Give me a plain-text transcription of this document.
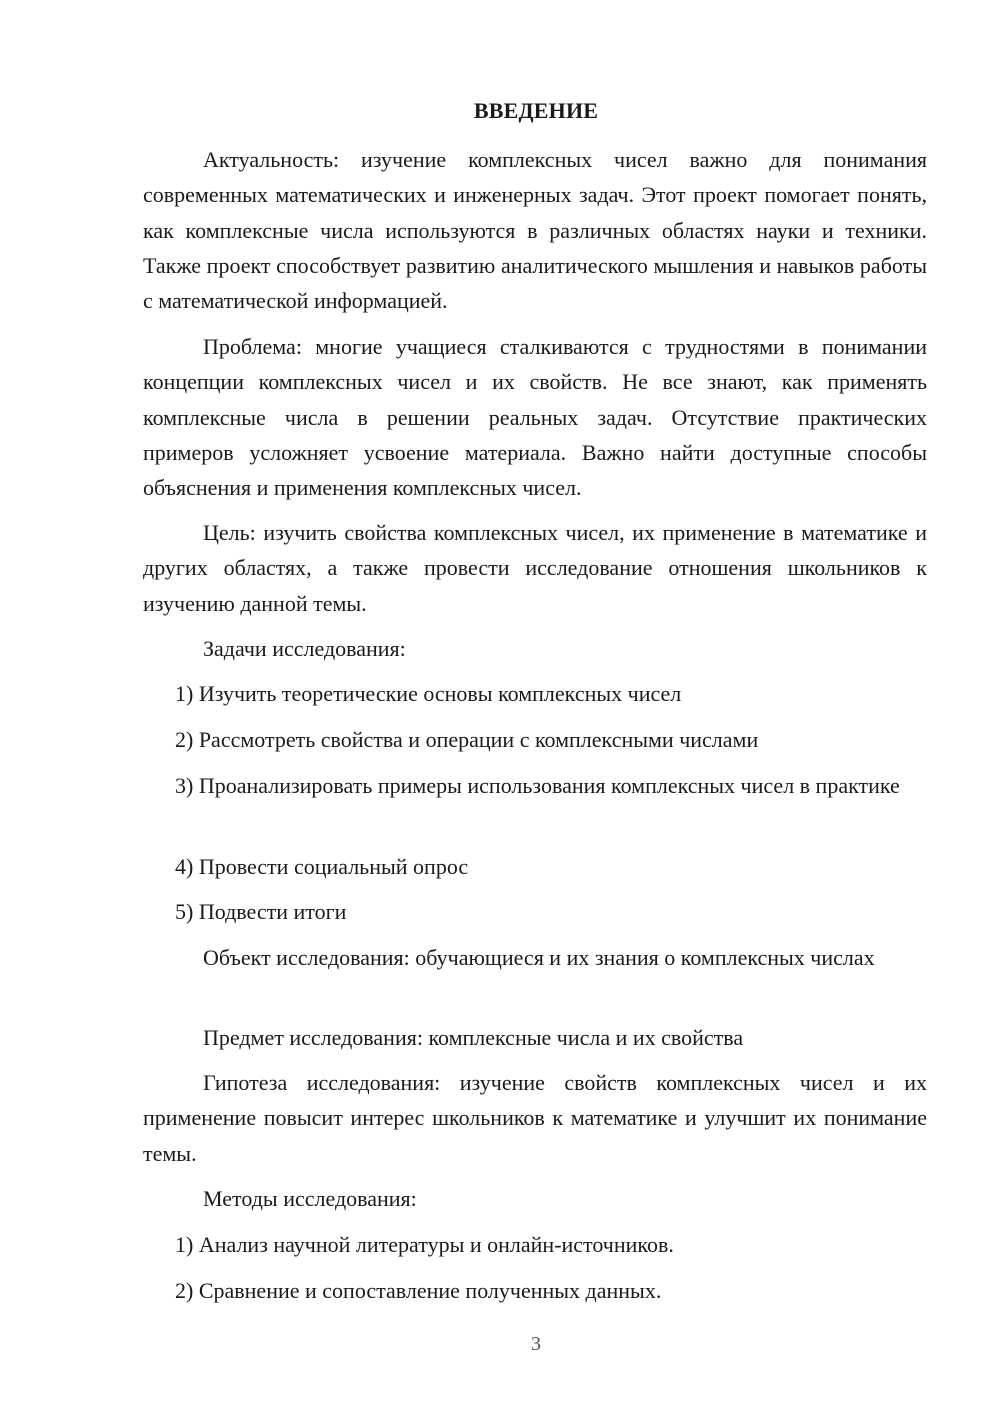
ВВЕДЕНИЕ
Актуальность: изучение комплексных чисел важно для понимания современных математических и инженерных задач. Этот проект помогает понять, как комплексные числа используются в различных областях науки и техники. Также проект способствует развитию аналитического мышления и навыков работы с математической информацией.
Проблема: многие учащиеся сталкиваются с трудностями в понимании концепции комплексных чисел и их свойств. Не все знают, как применять комплексные числа в решении реальных задач. Отсутствие практических примеров усложняет усвоение материала. Важно найти доступные способы объяснения и применения комплексных чисел.
Цель: изучить свойства комплексных чисел, их применение в математике и других областях, а также провести исследование отношения школьников к изучению данной темы.
Задачи исследования:
1) Изучить теоретические основы комплексных чисел
2) Рассмотреть свойства и операции с комплексными числами
3) Проанализировать примеры использования комплексных чисел в практике
4) Провести социальный опрос
5) Подвести итоги
Объект исследования: обучающиеся и их знания о комплексных числах
Предмет исследования: комплексные числа и их свойства
Гипотеза исследования: изучение свойств комплексных чисел и их применение повысит интерес школьников к математике и улучшит их понимание темы.
Методы исследования:
1) Анализ научной литературы и онлайн-источников.
2) Сравнение и сопоставление полученных данных.
3
